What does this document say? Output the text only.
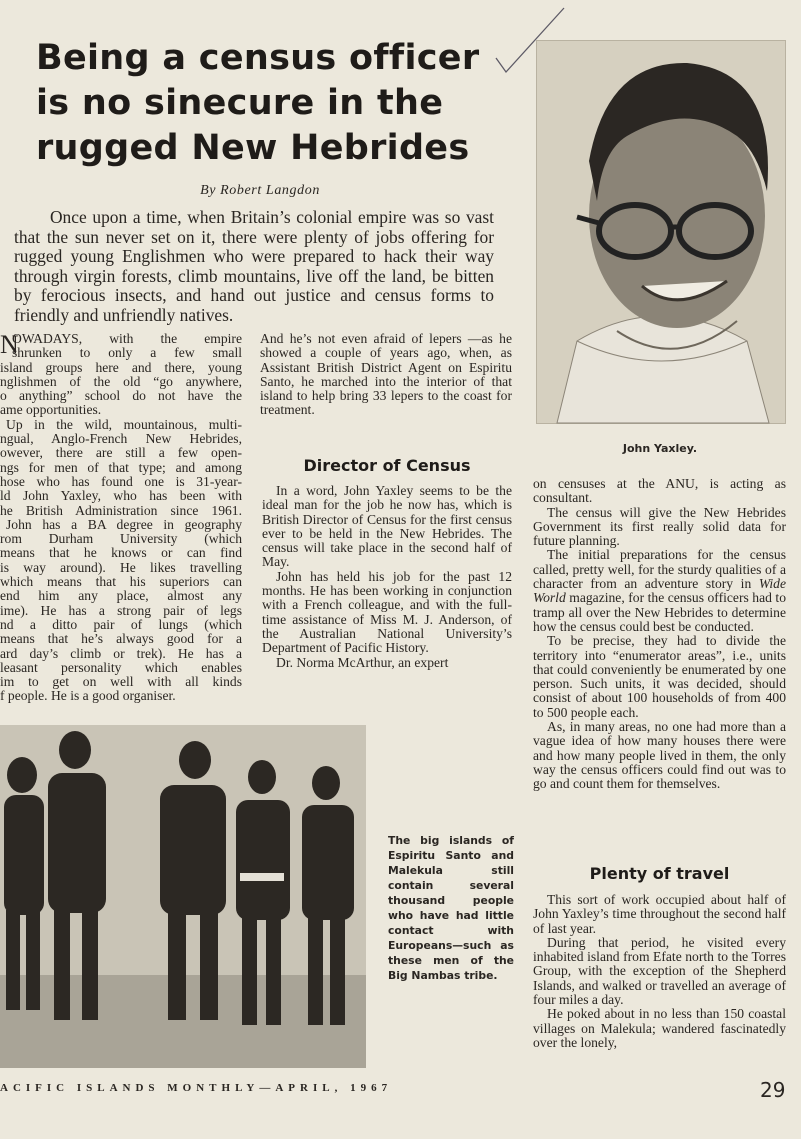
Being a census officer
is no sinecure in the
rugged New Hebrides
By Robert Langdon

Once upon a time, when Britain’s colonial empire was so vast that the sun never set on it, there were plenty of jobs offering for rugged young Englishmen who were prepared to hack their way through virgin forests, climb mountains, live off the land, be bitten by ferocious insects, and hand out justice and census forms to friendly and unfriendly natives.

N
OWADAYS, with the empire
shrunken to only a few small
island groups here and there, young
nglishmen of the old “go anywhere,
o anything” school do not have the
ame opportunities.
Up in the wild, mountainous, multi-
ngual, Anglo-French New Hebrides,
owever, there are still a few open-
ngs for men of that type; and among
hose who has found one is 31-year-
ld John Yaxley, who has been with
he British Administration since 1961.
John has a BA degree in geography
rom Durham University (which
means that he knows or can find
is way around). He likes travelling
which means that his superiors can
end him any place, almost any
ime). He has a strong pair of legs
nd a ditto pair of lungs (which
means that he’s always good for a
ard day’s climb or trek). He has a
leasant personality which enables
im to get on well with all kinds
f people. He is a good organiser.

And he’s not even afraid of lepers —as he showed a couple of years ago, when, as Assistant British District Agent on Espiritu Santo, he marched into the interior of that island to help bring 33 lepers to the coast for treatment.

Director of Census

In a word, John Yaxley seems to be the ideal man for the job he now has, which is British Director of Census for the first census ever to be held in the New Hebrides. The census will take place in the second half of May.

John has held his job for the past 12 months. He has been working in conjunction with a French colleague, and with the full-time assistance of Miss M. J. Anderson, of the Australian National University’s Department of Pacific History.

Dr. Norma McArthur, an expert

John Yaxley.

on censuses at the ANU, is acting as consultant.

The census will give the New Hebrides Government its first really solid data for future planning.

The initial preparations for the census called, pretty well, for the sturdy qualities of a character from an adventure story in Wide World magazine, for the census officers had to tramp all over the New Hebrides to determine how the census could best be conducted.

To be precise, they had to divide the territory into “enumerator areas”, i.e., units that could conveniently be enumerated by one person. Such units, it was decided, should consist of about 100 households of from 400 to 500 people each.

As, in many areas, no one had more than a vague idea of how many houses there were and how many people lived in them, the only way the census officers could find out was to go and count them for themselves.

Plenty of travel

This sort of work occupied about half of John Yaxley’s time throughout the second half of last year.

During that period, he visited every inhabited island from Efate north to the Torres Group, with the exception of the Shepherd Islands, and walked or travelled an average of four miles a day.

He poked about in no less than 150 coastal villages on Malekula; wandered fascinatedly over the lonely,

The big islands of Espiritu Santo and Malekula still contain several thousand people who have had little contact with Europeans—such as these men of the Big Nambas tribe.
ACIFIC ISLANDS MONTHLY—APRIL, 1967	29
